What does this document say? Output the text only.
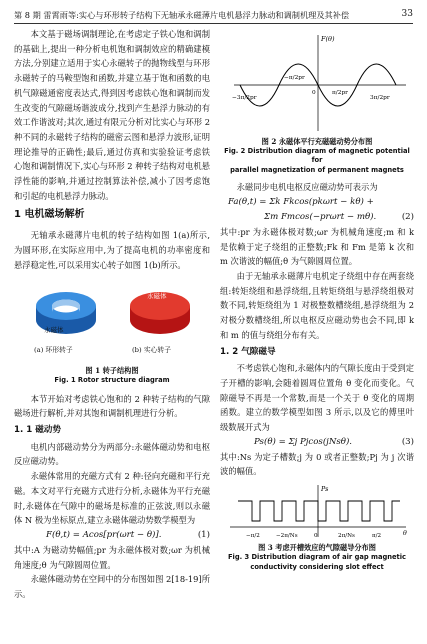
第 8 期 雷霄雨等:实心与环形转子结构下无轴承永磁薄片电机悬浮力脉动和调制机理及其补偿	33

本文基于磁场调制理论,在考虑定子铁心饱和调制的基础上,提出一种分析电机饱和调制效应的精确建模方法,分别建立适用于实心永磁转子的抛物线型与环形永磁转子的马鞍型饱和函数,并建立基于饱和函数的电机气隙磁通密度表达式,得到因考虑铁心饱和调制而发生改变的气隙磁场谐波成分,找到产生悬浮力脉动的有效工作谐波对;其次,通过有限元分析对比实心与环形 2 种不同的永磁转子结构的磁密云图和悬浮力波形,证明理论推导的正确性;最后,通过仿真和实验验证考虑铁心饱和调制情况下,实心与环形 2 种转子结构对电机悬浮性能的影响,并通过控制算法补偿,减小了因考虑饱和引起的电机悬浮力脉动。

1 电机磁场解析

无轴承永磁薄片电机的转子结构如图 1(a)所示,为圆环形,在实际应用中,为了提高电机的功率密度和悬浮稳定性,可以采用实心转子如图 1(b)所示。

永磁体
永磁体
(a) 环形转子	(b) 实心转子
图 1 转子结构图
Fig. 1 Rotor structure diagram

本节开始对考虑铁心饱和的 2 种转子结构的气隙磁场进行解析,并对其饱和调制机理进行分析。

1. 1 磁动势

电机内部磁动势分为两部分:永磁体磁动势和电枢反应磁动势。

永磁体常用的充磁方式有 2 种:径向充磁和平行充磁。本文对平行充磁方式进行分析,永磁体为平行充磁时,永磁体在气隙中的磁场是标准的正弦波,则以永磁体 N 极为坐标原点,建立永磁体磁动势数学模型为

F(θ,t) = Acos[pr(ωrt − θ)].	(1)

其中:A 为磁动势幅值;pr 为永磁体极对数;ωr 为机械角速度;θ 为气隙圆周位置。

永磁体磁动势在空间中的分布图如图 2[18-19]所示。

F(θ)
−3π/2pr
−π/2pr
0	π/2pr
3π/2pr
图 2 永磁体平行充磁磁动势分布图
Fig. 2 Distribution diagram of magnetic potential for
parallel magnetization of permanent magnets

永磁同步电机电枢反应磁动势可表示为

Fa(θ,t) = Σk Fkcos(pkωrt − kθ) +
Σm Fmcos(−prωrt − mθ).	(2)

其中:pr 为永磁体极对数;ωr 为机械角速度;m 和 k 是依赖于定子绕组的正整数;Fk 和 Fm 是第 k 次和 m 次谐波的幅值;θ 为气隙圆周位置。

由于无轴承永磁薄片电机定子绕组中存在两套绕组:转矩绕组和悬浮绕组,且转矩绕组与悬浮绕组极对数不同,转矩绕组为 1 对极整数槽绕组,悬浮绕组为 2 对极分数槽绕组,所以电枢反应磁动势也会不同,即 k 和 m 的值与绕组分布有关。

1. 2 气隙磁导

不考虑铁心饱和,永磁体内的气隙长度由于受到定子开槽的影响,会随着圆周位置角 θ 变化而变化。气隙磁导不再是一个常数,而是一个关于 θ 变化的周期函数。建立的数学模型如图 3 所示,以及它的傅里叶级数展开式为

Ps(θ) = Σj Pjcos(jNsθ).	(3)

其中:Ns 为定子槽数;j 为 0 或者正整数;Pj 为 j 次谐波的幅值。

Ps
θ
−π/2	−2π/Ns	0	2π/Ns	π/2
图 3 考虑开槽效应的气隙磁导分布图
Fig. 3 Distribution diagram of air gap magnetic
conductivity considering slot effect
